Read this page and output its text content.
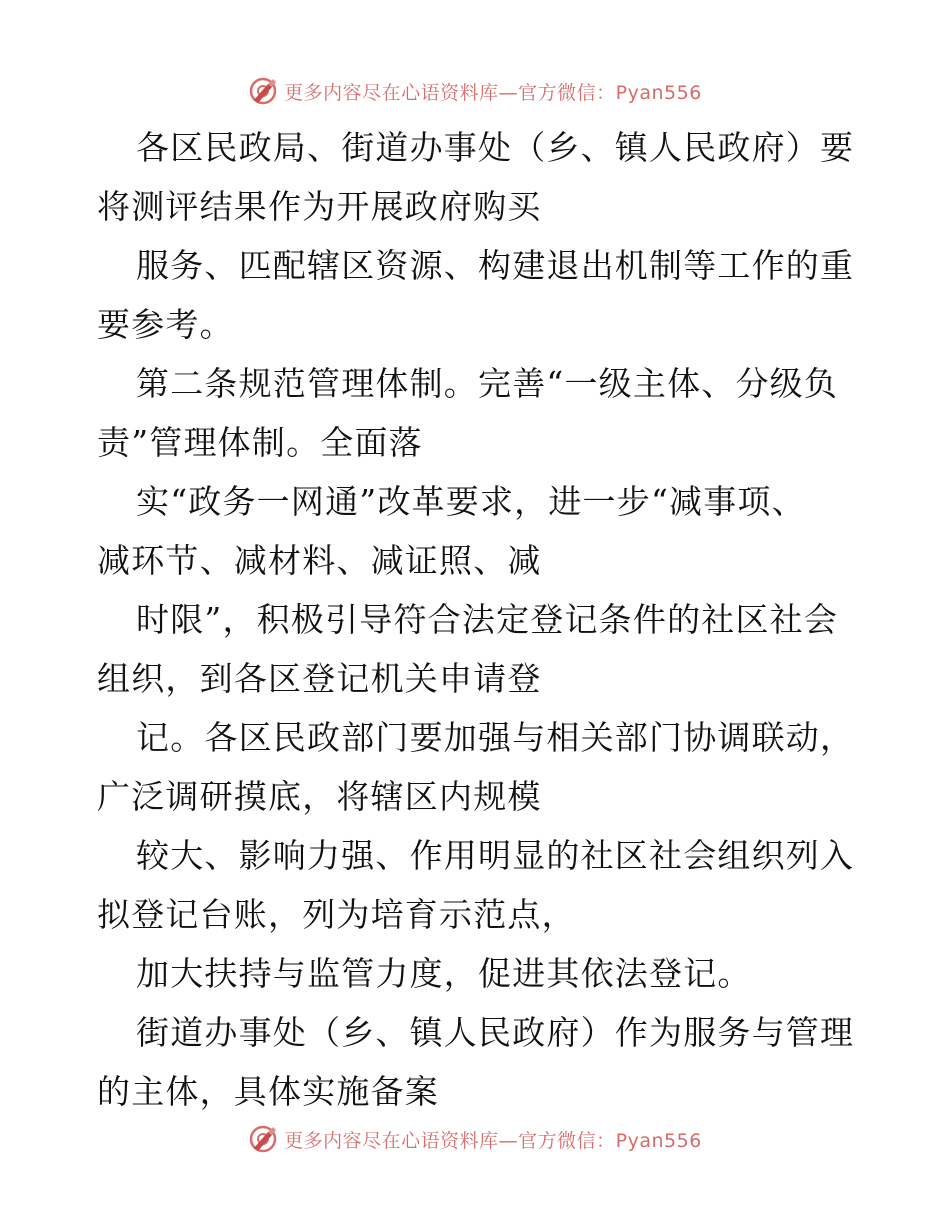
更多内容尽在心语资料库—官方微信：Pyan556

各区民政局、街道办事处（乡、镇人民政府）要
将测评结果作为开展政府购买

服务、匹配辖区资源、构建退出机制等工作的重
要参考。

第二条规范管理体制。完善“一级主体、分级负
责”管理体制。全面落

实“政务一网通”改革要求，进一步“减事项、
减环节、减材料、减证照、减

时限”，积极引导符合法定登记条件的社区社会
组织，到各区登记机关申请登

记。各区民政部门要加强与相关部门协调联动，
广泛调研摸底，将辖区内规模

较大、影响力强、作用明显的社区社会组织列入
拟登记台账，列为培育示范点，

加大扶持与监管力度，促进其依法登记。

街道办事处（乡、镇人民政府）作为服务与管理
的主体，具体实施备案

更多内容尽在心语资料库—官方微信：Pyan556
